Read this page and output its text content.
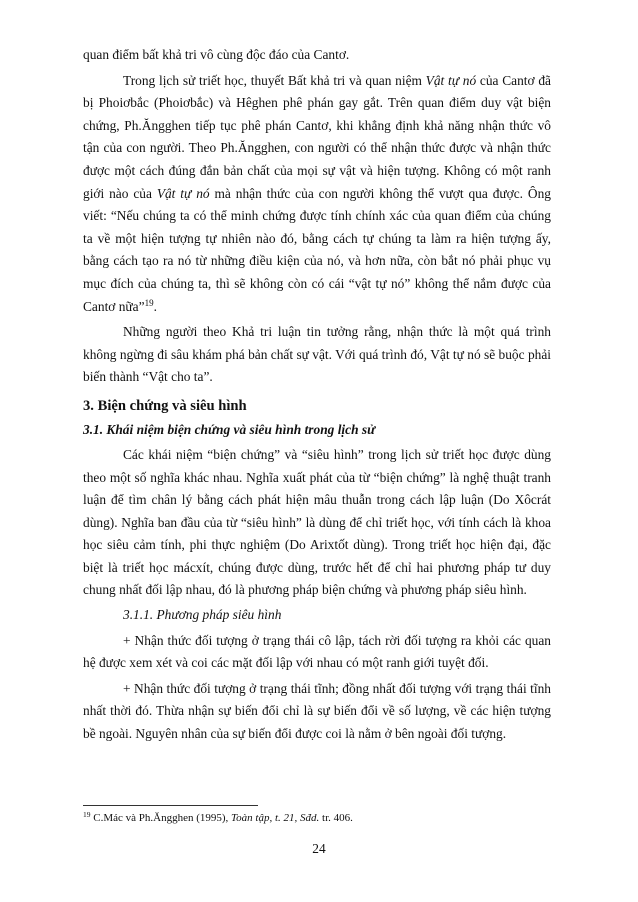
quan điểm bất khả tri vô cùng độc đáo của Cantơ.

Trong lịch sử triết học, thuyết Bất khả tri và quan niệm Vật tự nó của Cantơ đã bị Phoiơbắc (Phoiơbắc) và Hêghen phê phán gay gắt. Trên quan điểm duy vật biện chứng, Ph.Ăngghen tiếp tục phê phán Cantơ, khi khẳng định khả năng nhận thức vô tận của con người. Theo Ph.Ăngghen, con người có thể nhận thức được và nhận thức được một cách đúng đắn bản chất của mọi sự vật và hiện tượng. Không có một ranh giới nào của Vật tự nó mà nhận thức của con người không thể vượt qua được. Ông viết: “Nếu chúng ta có thể minh chứng được tính chính xác của quan điểm của chúng ta về một hiện tượng tự nhiên nào đó, bằng cách tự chúng ta làm ra hiện tượng ấy, bằng cách tạo ra nó từ những điều kiện của nó, và hơn nữa, còn bắt nó phải phục vụ mục đích của chúng ta, thì sẽ không còn có cái “vật tự nó” không thể nắm được của Cantơ nữa”$^{19}$.

Những người theo Khả tri luận tin tưởng rằng, nhận thức là một quá trình không ngừng đi sâu khám phá bản chất sự vật. Với quá trình đó, Vật tự nó sẽ buộc phải biến thành “Vật cho ta”.

3. Biện chứng và siêu hình
3.1. Khái niệm biện chứng và siêu hình trong lịch sử

Các khái niệm “biện chứng” và “siêu hình” trong lịch sử triết học được dùng theo một số nghĩa khác nhau. Nghĩa xuất phát của từ “biện chứng” là nghệ thuật tranh luận để tìm chân lý bằng cách phát hiện mâu thuẫn trong cách lập luận (Do Xôcrát dùng). Nghĩa ban đầu của từ “siêu hình” là dùng để chỉ triết học, với tính cách là khoa học siêu cảm tính, phi thực nghiệm (Do Arixtốt dùng). Trong triết học hiện đại, đặc biệt là triết học mácxít, chúng được dùng, trước hết để chỉ hai phương pháp tư duy chung nhất đối lập nhau, đó là phương pháp biện chứng và phương pháp siêu hình.

3.1.1. Phương pháp siêu hình

+ Nhận thức đối tượng ở trạng thái cô lập, tách rời đối tượng ra khỏi các quan hệ được xem xét và coi các mặt đối lập với nhau có một ranh giới tuyệt đối.

+ Nhận thức đối tượng ở trạng thái tĩnh; đồng nhất đối tượng với trạng thái tĩnh nhất thời đó. Thừa nhận sự biến đổi chỉ là sự biến đổi về số lượng, về các hiện tượng bề ngoài. Nguyên nhân của sự biến đổi được coi là nằm ở bên ngoài đối tượng.

$^{19}$ C.Mác và Ph.Ăngghen (1995), Toàn tập, t. 21, Sđd. tr. 406.
24
